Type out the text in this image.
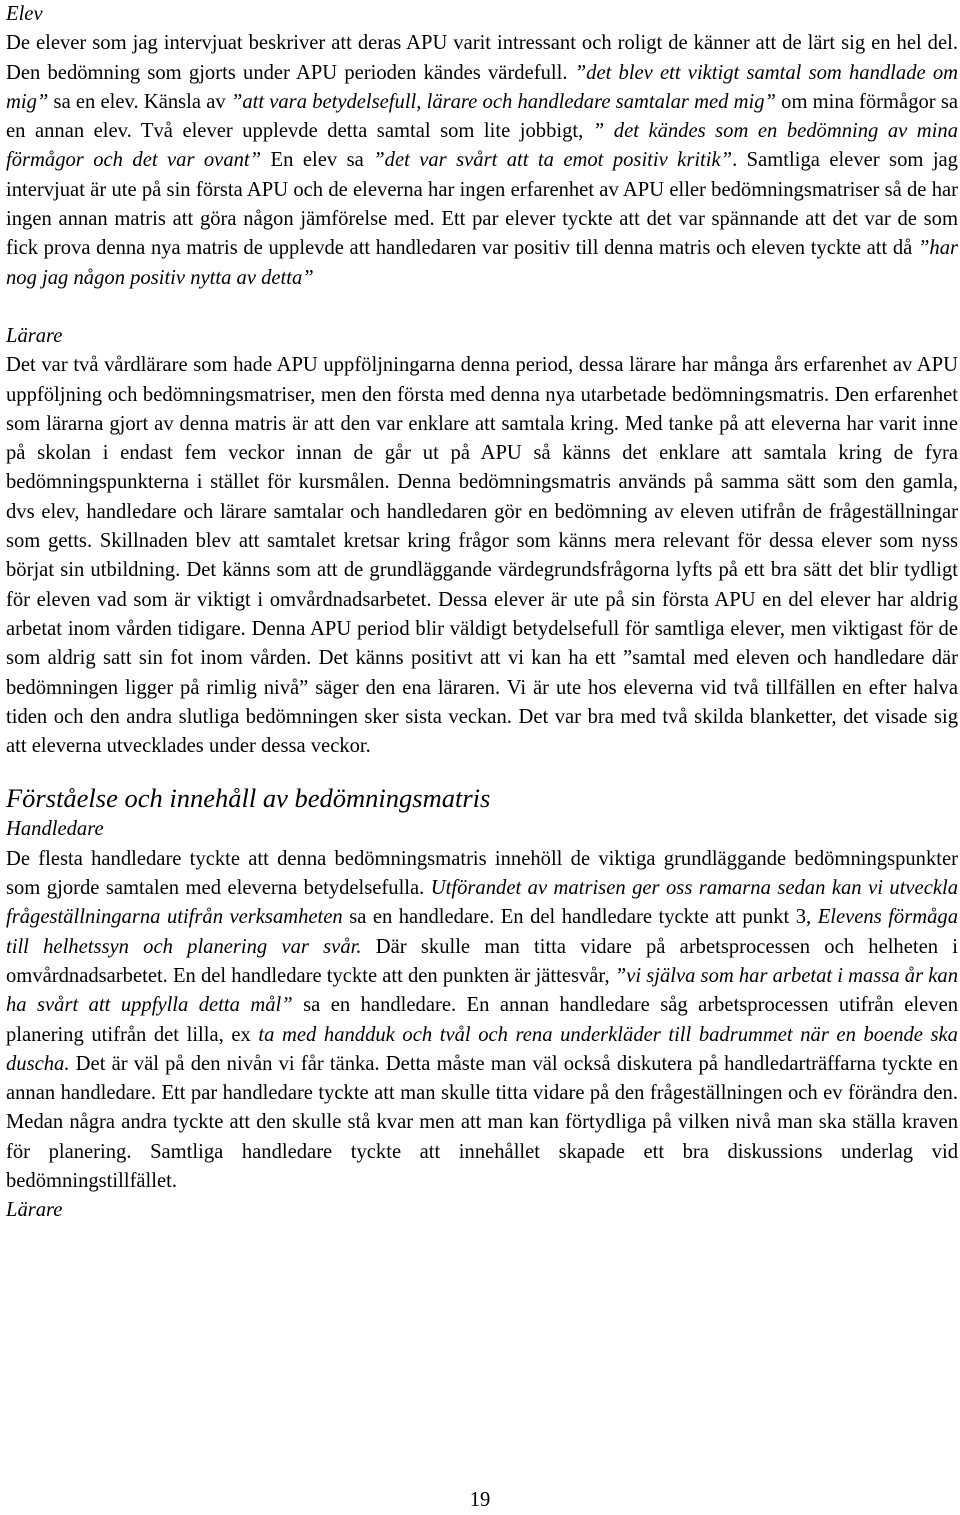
Elev

De elever som jag intervjuat beskriver att deras APU varit intressant och roligt de känner att de lärt sig en hel del. Den bedömning som gjorts under APU perioden kändes värdefull. ”det blev ett viktigt samtal som handlade om mig” sa en elev. Känsla av ”att vara betydelsefull, lärare och handledare samtalar med mig” om mina förmågor sa en annan elev. Två elever upplevde detta samtal som lite jobbigt, ” det kändes som en bedömning av mina förmågor och det var ovant” En elev sa ”det var svårt att ta emot positiv kritik”. Samtliga elever som jag intervjuat är ute på sin första APU och de eleverna har ingen erfarenhet av APU eller bedömningsmatriser så de har ingen annan matris att göra någon jämförelse med. Ett par elever tyckte att det var spännande att det var de som fick prova denna nya matris de upplevde att handledaren var positiv till denna matris och eleven tyckte att då ”har nog jag någon positiv nytta av detta”

Lärare

Det var två vårdlärare som hade APU uppföljningarna denna period, dessa lärare har många års erfarenhet av APU uppföljning och bedömningsmatriser, men den första med denna nya utarbetade bedömningsmatris. Den erfarenhet som lärarna gjort av denna matris är att den var enklare att samtala kring. Med tanke på att eleverna har varit inne på skolan i endast fem veckor innan de går ut på APU så känns det enklare att samtala kring de fyra bedömningspunkterna i stället för kursmålen. Denna bedömningsmatris används på samma sätt som den gamla, dvs elev, handledare och lärare samtalar och handledaren gör en bedömning av eleven utifrån de frågeställningar som getts. Skillnaden blev att samtalet kretsar kring frågor som känns mera relevant för dessa elever som nyss börjat sin utbildning. Det känns som att de grundläggande värdegrundsfrågorna lyfts på ett bra sätt det blir tydligt för eleven vad som är viktigt i omvårdnadsarbetet. Dessa elever är ute på sin första APU en del elever har aldrig arbetat inom vården tidigare. Denna APU period blir väldigt betydelsefull för samtliga elever, men viktigast för de som aldrig satt sin fot inom vården. Det känns positivt att vi kan ha ett ”samtal med eleven och handledare där bedömningen ligger på rimlig nivå” säger den ena läraren. Vi är ute hos eleverna vid två tillfällen en efter halva tiden och den andra slutliga bedömningen sker sista veckan. Det var bra med två skilda blanketter, det visade sig att eleverna utvecklades under dessa veckor.

Förståelse och innehåll av bedömningsmatris

Handledare

De flesta handledare tyckte att denna bedömningsmatris innehöll de viktiga grundläggande bedömningspunkter som gjorde samtalen med eleverna betydelsefulla. Utförandet av matrisen ger oss ramarna sedan kan vi utveckla frågeställningarna utifrån verksamheten sa en handledare. En del handledare tyckte att punkt 3, Elevens förmåga till helhetssyn och planering var svår. Där skulle man titta vidare på arbetsprocessen och helheten i omvårdnadsarbetet. En del handledare tyckte att den punkten är jättesvår, ”vi själva som har arbetat i massa år kan ha svårt att uppfylla detta mål” sa en handledare. En annan handledare såg arbetsprocessen utifrån eleven planering utifrån det lilla, ex ta med handduk och tvål och rena underkläder till badrummet när en boende ska duscha. Det är väl på den nivån vi får tänka. Detta måste man väl också diskutera på handledarträffarna tyckte en annan handledare. Ett par handledare tyckte att man skulle titta vidare på den frågeställningen och ev förändra den. Medan några andra tyckte att den skulle stå kvar men att man kan förtydliga på vilken nivå man ska ställa kraven för planering. Samtliga handledare tyckte att innehållet skapade ett bra diskussions underlag vid bedömningstillfället.

Lärare

19
